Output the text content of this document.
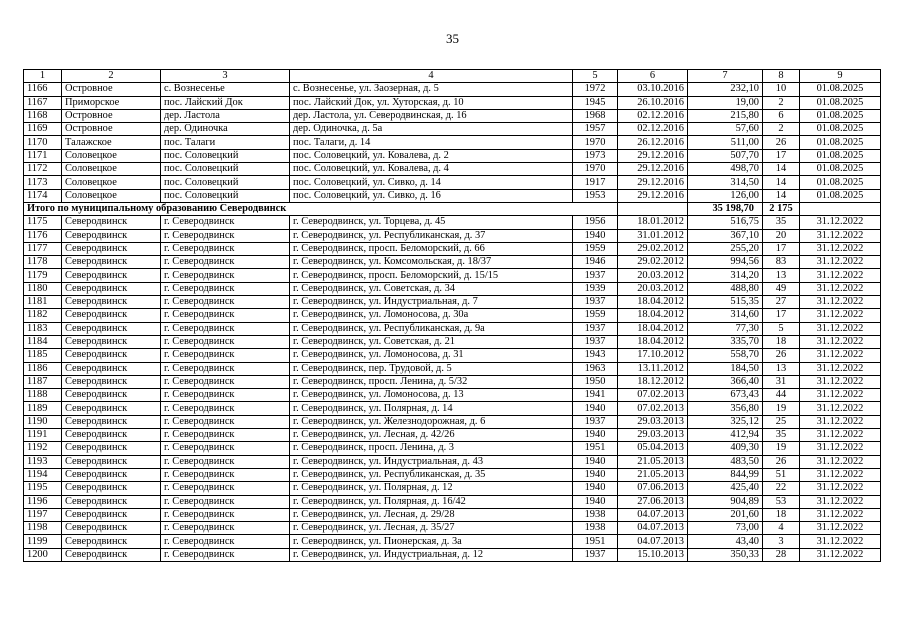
35
1	2	3	4	5	6	7	8	9
1166	Островное	с. Вознесенье	с. Вознесенье, ул. Заозерная, д. 5	1972	03.10.2016	232,10	10	01.08.2025
1167	Приморское	пос. Лайский Док	пос. Лайский Док, ул. Хуторская, д. 10	1945	26.10.2016	19,00	2	01.08.2025
1168	Островное	дер. Ластола	дер. Ластола, ул. Северодвинская, д. 16	1968	02.12.2016	215,80	6	01.08.2025
1169	Островное	дер. Одиночка	дер. Одиночка, д. 5а	1957	02.12.2016	57,60	2	01.08.2025
1170	Талажское	пос. Талаги	пос. Талаги, д. 14	1970	26.12.2016	511,00	26	01.08.2025
1171	Соловецкое	пос. Соловецкий	пос. Соловецкий, ул. Ковалева, д. 2	1973	29.12.2016	507,70	17	01.08.2025
1172	Соловецкое	пос. Соловецкий	пос. Соловецкий, ул. Ковалева, д. 4	1970	29.12.2016	498,70	14	01.08.2025
1173	Соловецкое	пос. Соловецкий	пос. Соловецкий, ул. Сивко, д. 14	1917	29.12.2016	314,50	14	01.08.2025
1174	Соловецкое	пос. Соловецкий	пос. Соловецкий, ул. Сивко, д. 16	1953	29.12.2016	126,00	14	01.08.2025
Итого по муниципальному образованию Северодвинск						35 198,70	2 175	
1175	Северодвинск	г. Северодвинск	г. Северодвинск, ул. Торцева, д. 45	1956	18.01.2012	516,75	35	31.12.2022
1176	Северодвинск	г. Северодвинск	г. Северодвинск, ул. Республиканская, д. 37	1940	31.01.2012	367,10	20	31.12.2022
1177	Северодвинск	г. Северодвинск	г. Северодвинск, просп. Беломорский, д. 66	1959	29.02.2012	255,20	17	31.12.2022
1178	Северодвинск	г. Северодвинск	г. Северодвинск, ул. Комсомольская, д. 18/37	1946	29.02.2012	994,56	83	31.12.2022
1179	Северодвинск	г. Северодвинск	г. Северодвинск, просп. Беломорский, д. 15/15	1937	20.03.2012	314,20	13	31.12.2022
1180	Северодвинск	г. Северодвинск	г. Северодвинск, ул. Советская, д. 34	1939	20.03.2012	488,80	49	31.12.2022
1181	Северодвинск	г. Северодвинск	г. Северодвинск, ул. Индустриальная, д. 7	1937	18.04.2012	515,35	27	31.12.2022
1182	Северодвинск	г. Северодвинск	г. Северодвинск, ул. Ломоносова, д. 30а	1959	18.04.2012	314,60	17	31.12.2022
1183	Северодвинск	г. Северодвинск	г. Северодвинск, ул. Республиканская, д. 9а	1937	18.04.2012	77,30	5	31.12.2022
1184	Северодвинск	г. Северодвинск	г. Северодвинск, ул. Советская, д. 21	1937	18.04.2012	335,70	18	31.12.2022
1185	Северодвинск	г. Северодвинск	г. Северодвинск, ул. Ломоносова, д. 31	1943	17.10.2012	558,70	26	31.12.2022
1186	Северодвинск	г. Северодвинск	г. Северодвинск, пер. Трудовой, д. 5	1963	13.11.2012	184,50	13	31.12.2022
1187	Северодвинск	г. Северодвинск	г. Северодвинск, просп. Ленина, д. 5/32	1950	18.12.2012	366,40	31	31.12.2022
1188	Северодвинск	г. Северодвинск	г. Северодвинск, ул. Ломоносова, д. 13	1941	07.02.2013	673,43	44	31.12.2022
1189	Северодвинск	г. Северодвинск	г. Северодвинск, ул. Полярная, д. 14	1940	07.02.2013	356,80	19	31.12.2022
1190	Северодвинск	г. Северодвинск	г. Северодвинск, ул. Железнодорожная, д. 6	1937	29.03.2013	325,12	25	31.12.2022
1191	Северодвинск	г. Северодвинск	г. Северодвинск, ул. Лесная, д. 42/26	1940	29.03.2013	412,94	35	31.12.2022
1192	Северодвинск	г. Северодвинск	г. Северодвинск, просп. Ленина, д. 3	1951	05.04.2013	409,30	19	31.12.2022
1193	Северодвинск	г. Северодвинск	г. Северодвинск, ул. Индустриальная, д. 43	1940	21.05.2013	483,50	26	31.12.2022
1194	Северодвинск	г. Северодвинск	г. Северодвинск, ул. Республиканская, д. 35	1940	21.05.2013	844,99	51	31.12.2022
1195	Северодвинск	г. Северодвинск	г. Северодвинск, ул. Полярная, д. 12	1940	07.06.2013	425,40	22	31.12.2022
1196	Северодвинск	г. Северодвинск	г. Северодвинск, ул. Полярная, д. 16/42	1940	27.06.2013	904,89	53	31.12.2022
1197	Северодвинск	г. Северодвинск	г. Северодвинск, ул. Лесная, д. 29/28	1938	04.07.2013	201,60	18	31.12.2022
1198	Северодвинск	г. Северодвинск	г. Северодвинск, ул. Лесная, д. 35/27	1938	04.07.2013	73,00	4	31.12.2022
1199	Северодвинск	г. Северодвинск	г. Северодвинск, ул. Пионерская, д. 3а	1951	04.07.2013	43,40	3	31.12.2022
1200	Северодвинск	г. Северодвинск	г. Северодвинск, ул. Индустриальная, д. 12	1937	15.10.2013	350,33	28	31.12.2022
